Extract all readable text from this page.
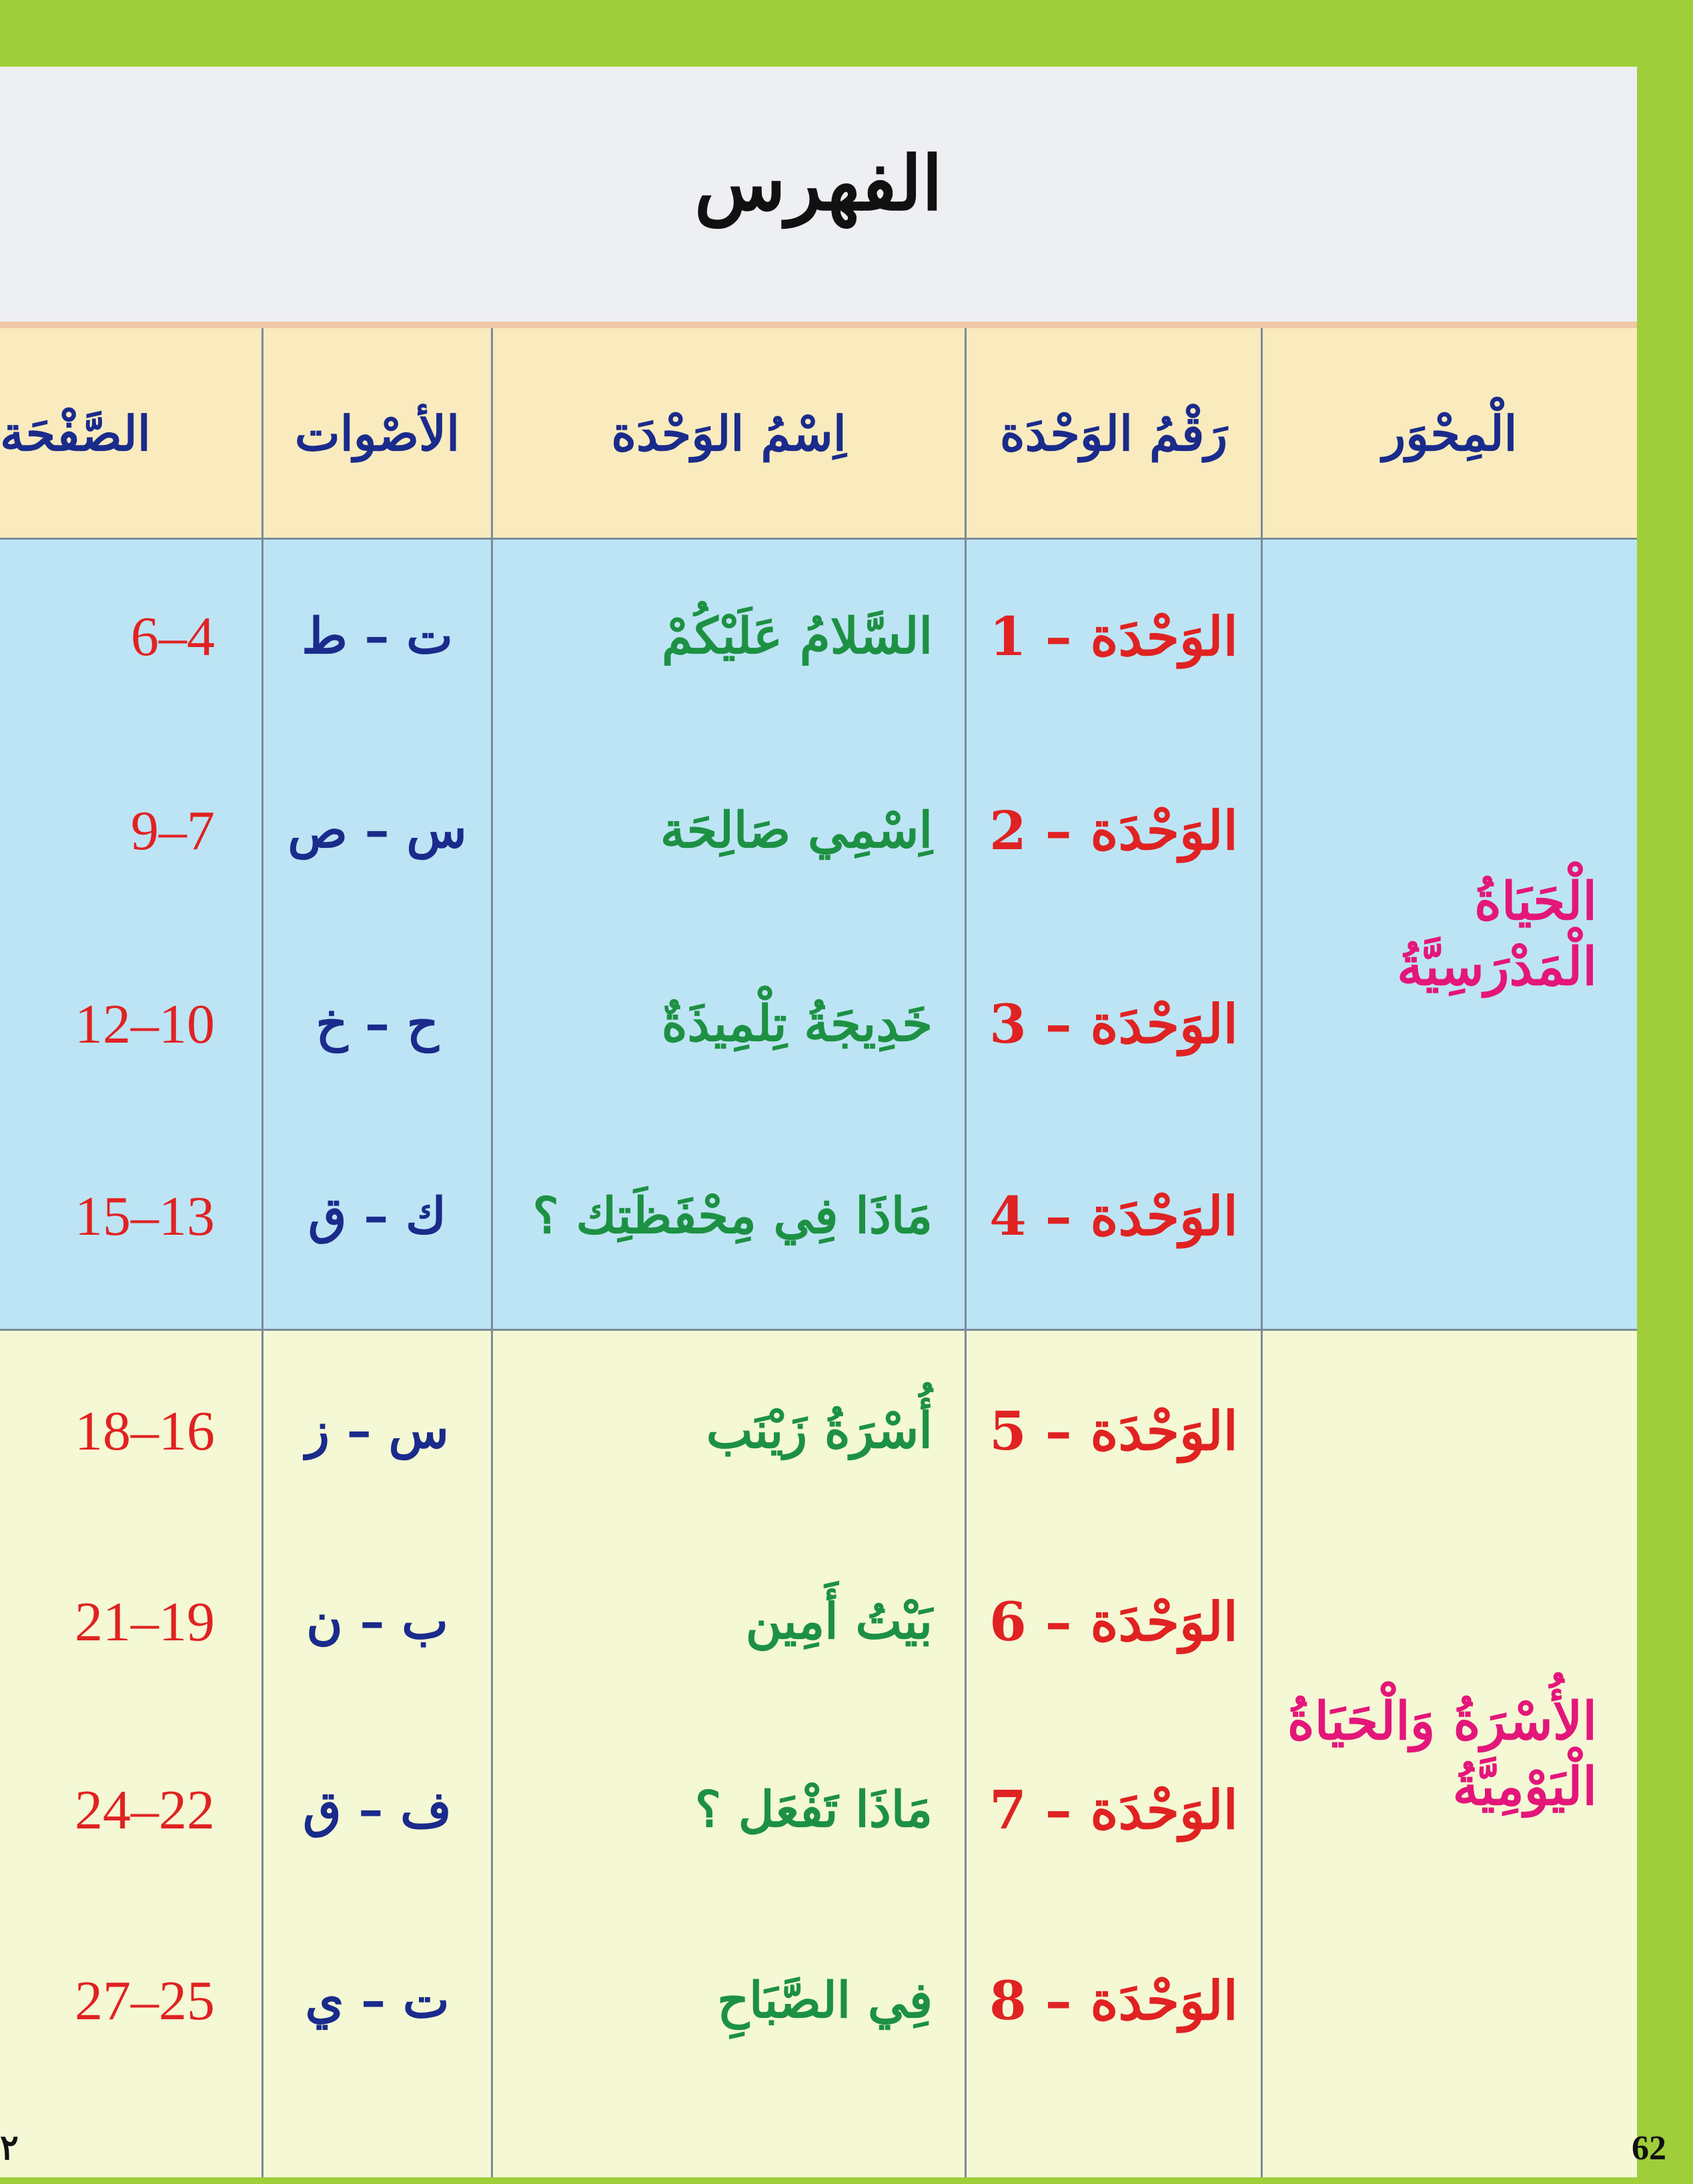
الفهرس
الْمِحْوَر
رَقْمُ الوَحْدَة
اِسْمُ الوَحْدَة
الأصْوات
الصَّفْحَة
الْحَيَاةُ الْمَدْرَسِيَّةُ
الأُسْرَةُ وَالْحَيَاةُ الْيَوْمِيَّةُ
الوَحْدَة – 1
السَّلامُ عَلَيْكُمْ
ت – ط
6–4
الوَحْدَة – 2
اِسْمِي صَالِحَة
س – ص
9–7
الوَحْدَة – 3
خَدِيجَةُ تِلْمِيذَةٌ
ح – خ
12–10
الوَحْدَة – 4
مَاذَا فِي مِحْفَظَتِك ؟
ك – ق
15–13
الوَحْدَة – 5
أُسْرَةُ زَيْنَب
س – ز
18–16
الوَحْدَة – 6
بَيْتُ أَمِين
ب – ن
21–19
الوَحْدَة – 7
مَاذَا تَفْعَل ؟
ف – ق
24–22
الوَحْدَة – 8
فِي الصَّبَاحِ
ت – ي
27–25
62
٢
